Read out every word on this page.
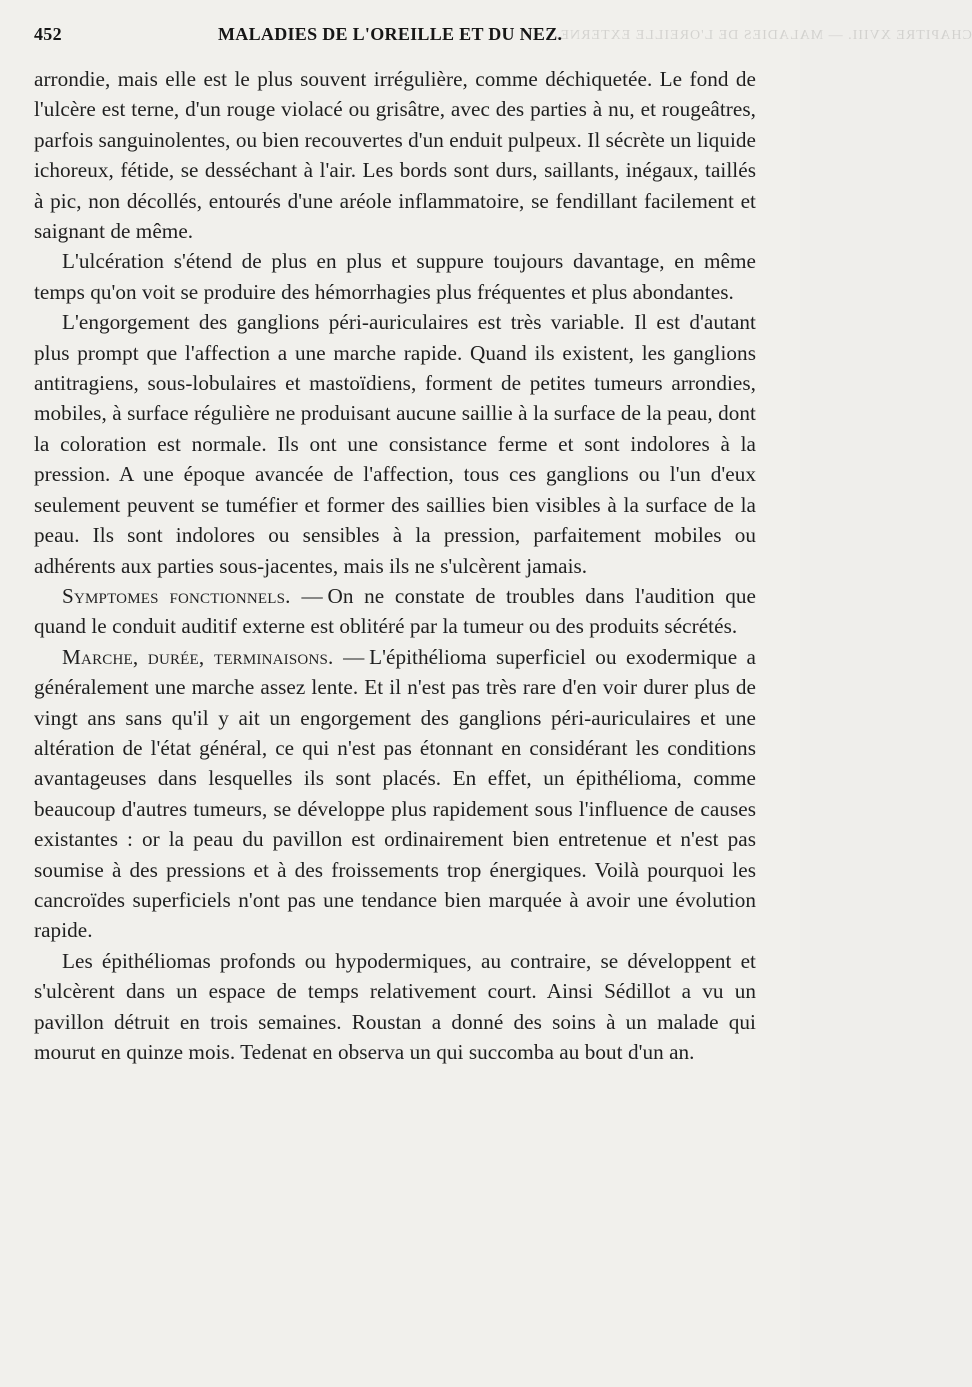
CHAPITRE XVIII. — MALADIES DE L'OREILLE EXTERNE.
452	MALADIES DE L'OREILLE ET DU NEZ.

arrondie, mais elle est le plus souvent irrégulière, comme déchiquetée. Le fond de l'ulcère est terne, d'un rouge violacé ou grisâtre, avec des parties à nu, et rougeâtres, parfois sanguinolentes, ou bien recouvertes d'un enduit pulpeux. Il sécrète un liquide ichoreux, fétide, se desséchant à l'air. Les bords sont durs, saillants, inégaux, taillés à pic, non décollés, entourés d'une aréole inflammatoire, se fendillant facilement et saignant de même.

L'ulcération s'étend de plus en plus et suppure toujours davantage, en même temps qu'on voit se produire des hémorrhagies plus fréquentes et plus abondantes.

L'engorgement des ganglions péri-auriculaires est très variable. Il est d'autant plus prompt que l'affection a une marche rapide. Quand ils existent, les ganglions antitragiens, sous-lobulaires et mastoïdiens, forment de petites tumeurs arrondies, mobiles, à surface régulière ne produisant aucune saillie à la surface de la peau, dont la coloration est normale. Ils ont une consistance ferme et sont indolores à la pression. A une époque avancée de l'affection, tous ces ganglions ou l'un d'eux seulement peuvent se tuméfier et former des saillies bien visibles à la surface de la peau. Ils sont indolores ou sensibles à la pression, parfaitement mobiles ou adhérents aux parties sous-jacentes, mais ils ne s'ulcèrent jamais.

Symptomes fonctionnels. — On ne constate de troubles dans l'audition que quand le conduit auditif externe est oblitéré par la tumeur ou des produits sécrétés.

Marche, durée, terminaisons. — L'épithélioma superficiel ou exodermique a généralement une marche assez lente. Et il n'est pas très rare d'en voir durer plus de vingt ans sans qu'il y ait un engorgement des ganglions péri-auriculaires et une altération de l'état général, ce qui n'est pas étonnant en considérant les conditions avantageuses dans lesquelles ils sont placés. En effet, un épithélioma, comme beaucoup d'autres tumeurs, se développe plus rapidement sous l'influence de causes existantes : or la peau du pavillon est ordinairement bien entretenue et n'est pas soumise à des pressions et à des froissements trop énergiques. Voilà pourquoi les cancroïdes superficiels n'ont pas une tendance bien marquée à avoir une évolution rapide.

Les épithéliomas profonds ou hypodermiques, au contraire, se développent et s'ulcèrent dans un espace de temps relativement court. Ainsi Sédillot a vu un pavillon détruit en trois semaines. Roustan a donné des soins à un malade qui mourut en quinze mois. Tedenat en observa un qui succomba au bout d'un an.
